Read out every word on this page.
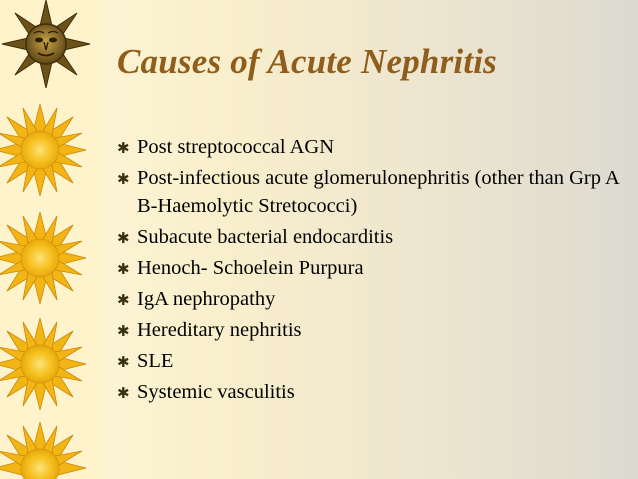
Causes of Acute Nephritis
✱ Post streptococcal AGN
✱ Post-infectious acute glomerulonephritis (other than Grp A B-Haemolytic Stretococci)
✱ Subacute bacterial endocarditis
✱ Henoch- Schoelein Purpura
✱ IgA nephropathy
✱ Hereditary nephritis
✱ SLE
✱ Systemic vasculitis
